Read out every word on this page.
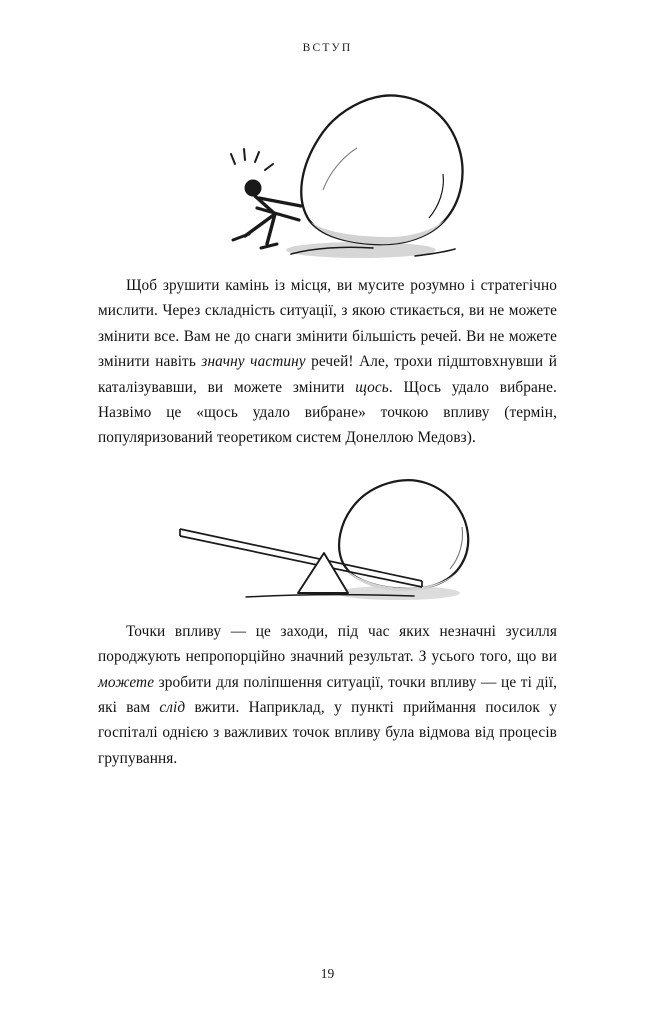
ВСТУП

Щоб зрушити камінь із місця, ви мусите розумно і стратегічно мислити. Через складність ситуації, з якою стикається, ви не можете змінити все. Вам не до снаги змінити більшість речей. Ви не можете змінити навіть значну частину речей! Але, трохи підштовхнувши й каталізувавши, ви можете змінити щось. Щось удало вибране. Назвімо це «щось удало вибране» точкою впливу (термін, популяризований теоретиком систем Донеллою Медовз).

Точки впливу — це заходи, під час яких незначні зусилля породжують непропорційно значний результат. З усього того, що ви можете зробити для поліпшення ситуації, точки впливу — це ті дії, які вам слід вжити. Наприклад, у пункті приймання посилок у госпіталі однією з важливих точок впливу була відмова від процесів групування.

19
